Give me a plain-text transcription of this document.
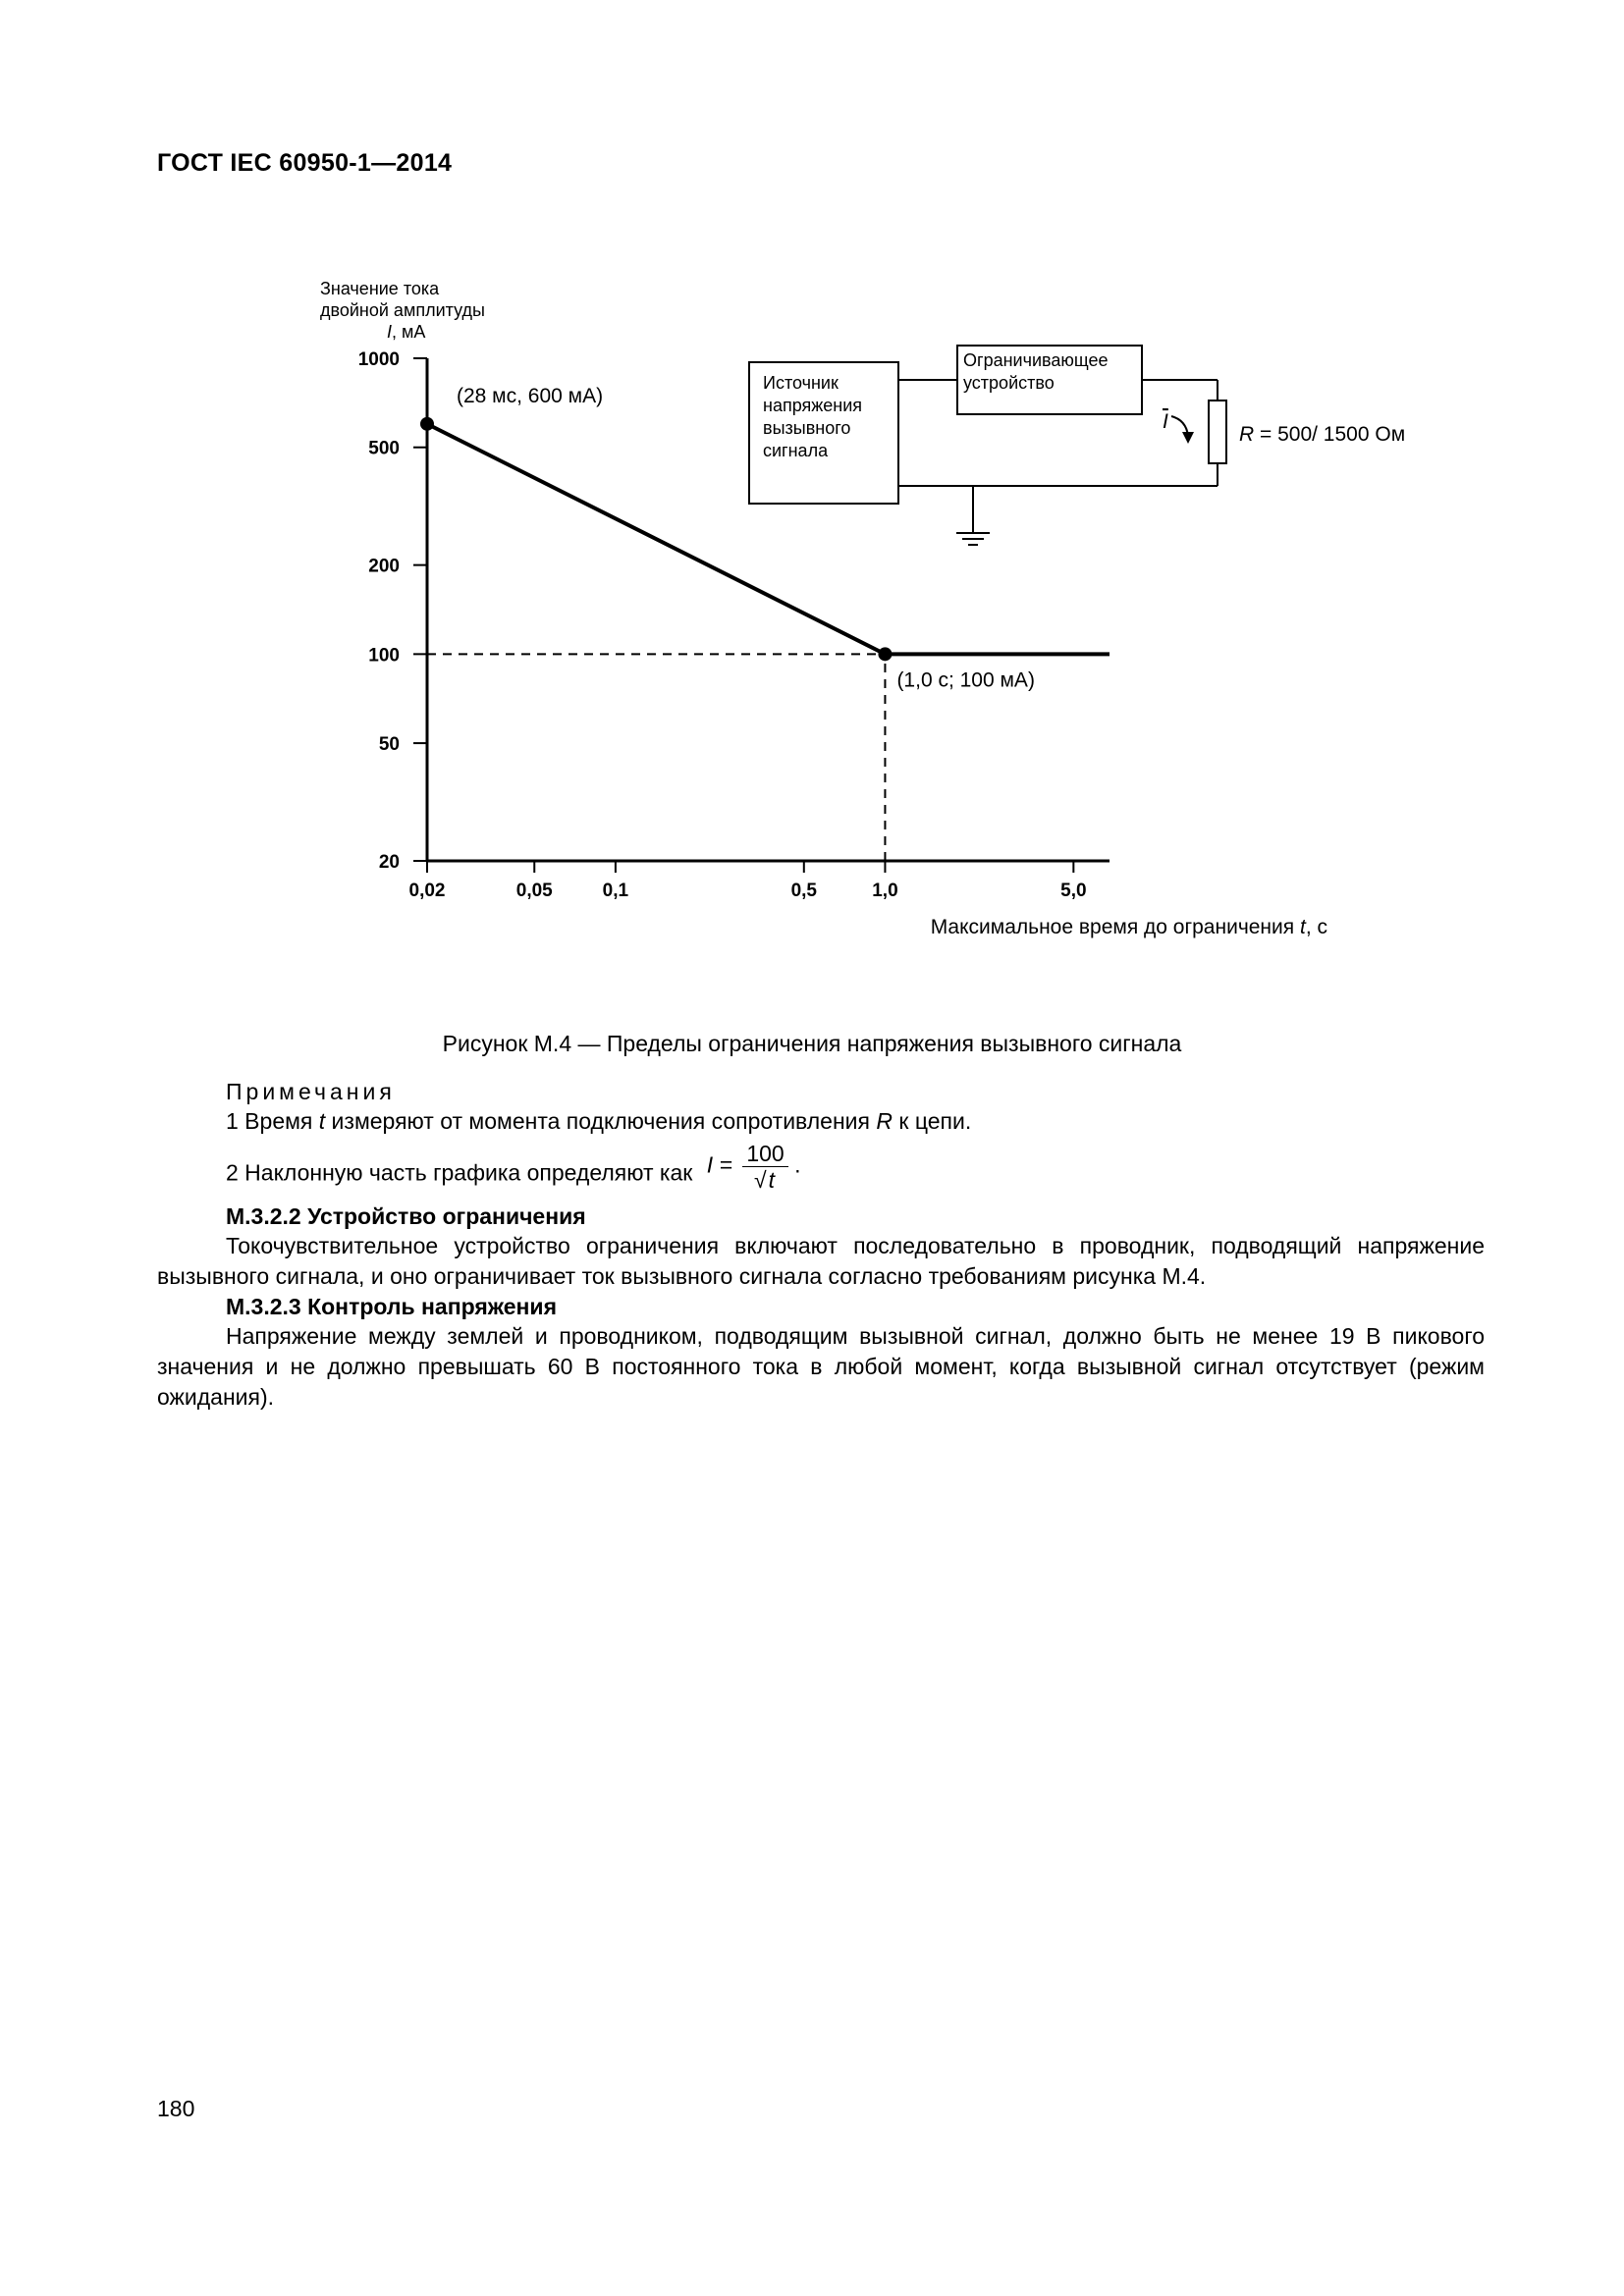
ГОСТ IEC 60950-1—2014
Значение тока
двойной амплитуды
I, мА
1000
500
200
100
50
20
0,02	0,05	0,1	0,5	1,0	5,0
(28 мс, 600 мА)
(1,0 с; 100 мА)
Максимальное время до ограничения t, с
Источник
напряжения
вызывного
сигнала
Ограничивающее
устройство
I
R = 500/ 1500 Ом
Рисунок М.4 — Пределы ограничения напряжения вызывного сигнала
Примечания
1 Время t измеряют от момента подключения сопротивления R к цепи.
2 Наклонную часть графика определяют как $I = \frac{100}{√t}$ .
М.3.2.2 Устройство ограничения
Токочувствительное устройство ограничения включают последовательно в проводник, подводящий напряжение вызывного сигнала, и оно ограничивает ток вызывного сигнала согласно требованиям рисунка М.4.
М.3.2.3 Контроль напряжения
Напряжение между землей и проводником, подводящим вызывной сигнал, должно быть не менее 19 В пикового значения и не должно превышать 60 В постоянного тока в любой момент, когда вызывной сигнал отсутствует (режим ожидания).
180
